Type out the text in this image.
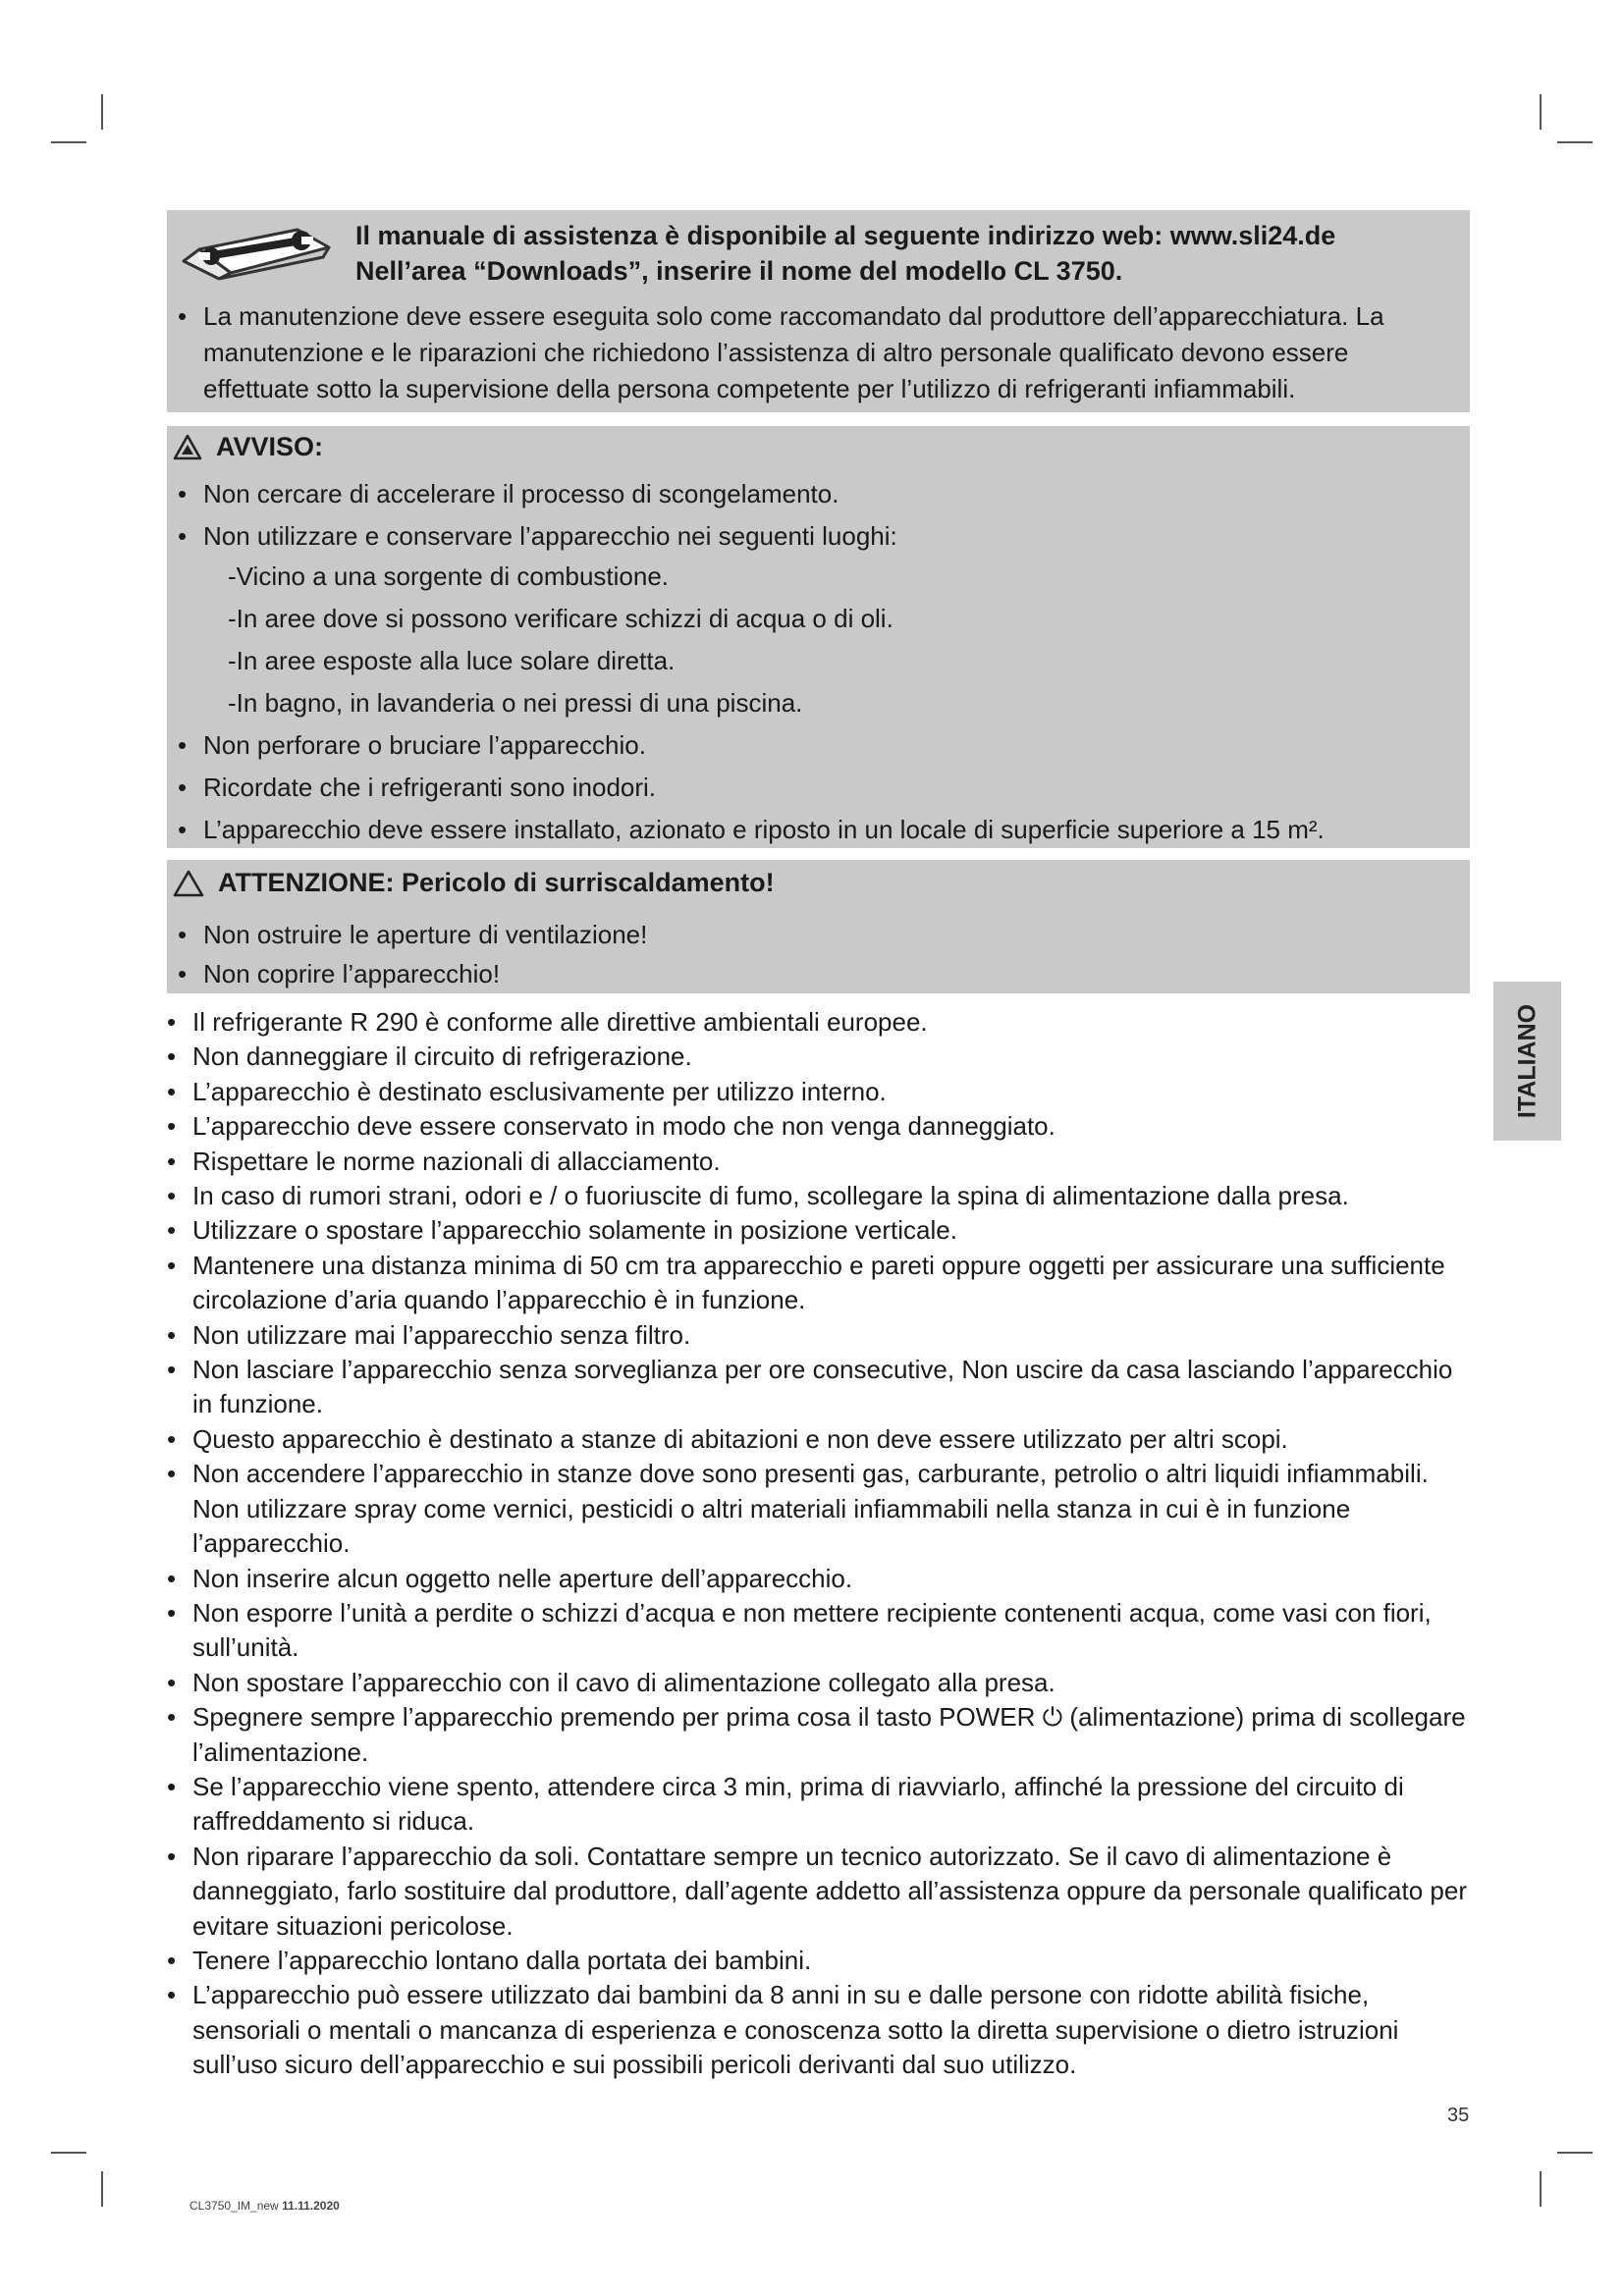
Il manuale di assistenza è disponibile al seguente indirizzo web: www.sli24.de
Nell’area “Downloads”, inserire il nome del modello CL 3750.
• La manutenzione deve essere eseguita solo come raccomandato dal produttore dell’apparecchiatura. La manutenzione e le riparazioni che richiedono l’assistenza di altro personale qualificato devono essere effettuate sotto la supervisione della persona competente per l’utilizzo di refrigeranti infiammabili.
AVVISO:
• Non cercare di accelerare il processo di scongelamento.
• Non utilizzare e conservare l’apparecchio nei seguenti luoghi:
-Vicino a una sorgente di combustione.
-In aree dove si possono verificare schizzi di acqua o di oli.
-In aree esposte alla luce solare diretta.
-In bagno, in lavanderia o nei pressi di una piscina.
• Non perforare o bruciare l’apparecchio.
• Ricordate che i refrigeranti sono inodori.
• L’apparecchio deve essere installato, azionato e riposto in un locale di superficie superiore a 15 m².
ATTENZIONE: Pericolo di surriscaldamento!
• Non ostruire le aperture di ventilazione!
• Non coprire l’apparecchio!
• Il refrigerante R 290 è conforme alle direttive ambientali europee.
• Non danneggiare il circuito di refrigerazione.
• L’apparecchio è destinato esclusivamente per utilizzo interno.
• L’apparecchio deve essere conservato in modo che non venga danneggiato.
• Rispettare le norme nazionali di allacciamento.
• In caso di rumori strani, odori e / o fuoriuscite di fumo, scollegare la spina di alimentazione dalla presa.
• Utilizzare o spostare l’apparecchio solamente in posizione verticale.
• Mantenere una distanza minima di 50 cm tra apparecchio e pareti oppure oggetti per assicurare una sufficiente circolazione d’aria quando l’apparecchio è in funzione.
• Non utilizzare mai l’apparecchio senza filtro.
• Non lasciare l’apparecchio senza sorveglianza per ore consecutive, Non uscire da casa lasciando l’apparecchio in funzione.
• Questo apparecchio è destinato a stanze di abitazioni e non deve essere utilizzato per altri scopi.
• Non accendere l’apparecchio in stanze dove sono presenti gas, carburante, petrolio o altri liquidi infiammabili. Non utilizzare spray come vernici, pesticidi o altri materiali infiammabili nella stanza in cui è in funzione l’apparecchio.
• Non inserire alcun oggetto nelle aperture dell’apparecchio.
• Non esporre l’unità a perdite o schizzi d’acqua e non mettere recipiente contenenti acqua, come vasi con fiori, sull’unità.
• Non spostare l’apparecchio con il cavo di alimentazione collegato alla presa.
• Spegnere sempre l’apparecchio premendo per prima cosa il tasto POWER ⏻ (alimentazione) prima di scollegare l’alimentazione.
• Se l’apparecchio viene spento, attendere circa 3 min, prima di riavviarlo, affinché la pressione del circuito di raffreddamento si riduca.
• Non riparare l’apparecchio da soli. Contattare sempre un tecnico autorizzato. Se il cavo di alimentazione è danneggiato, farlo sostituire dal produttore, dall’agente addetto all’assistenza oppure da personale qualificato per evitare situazioni pericolose.
• Tenere l’apparecchio lontano dalla portata dei bambini.
• L’apparecchio può essere utilizzato dai bambini da 8 anni in su e dalle persone con ridotte abilità fisiche, sensoriali o mentali o mancanza di esperienza e conoscenza sotto la diretta supervisione o dietro istruzioni sull’uso sicuro dell’apparecchio e sui possibili pericoli derivanti dal suo utilizzo.
ITALIANO
35
CL3750_IM_new 11.11.2020
